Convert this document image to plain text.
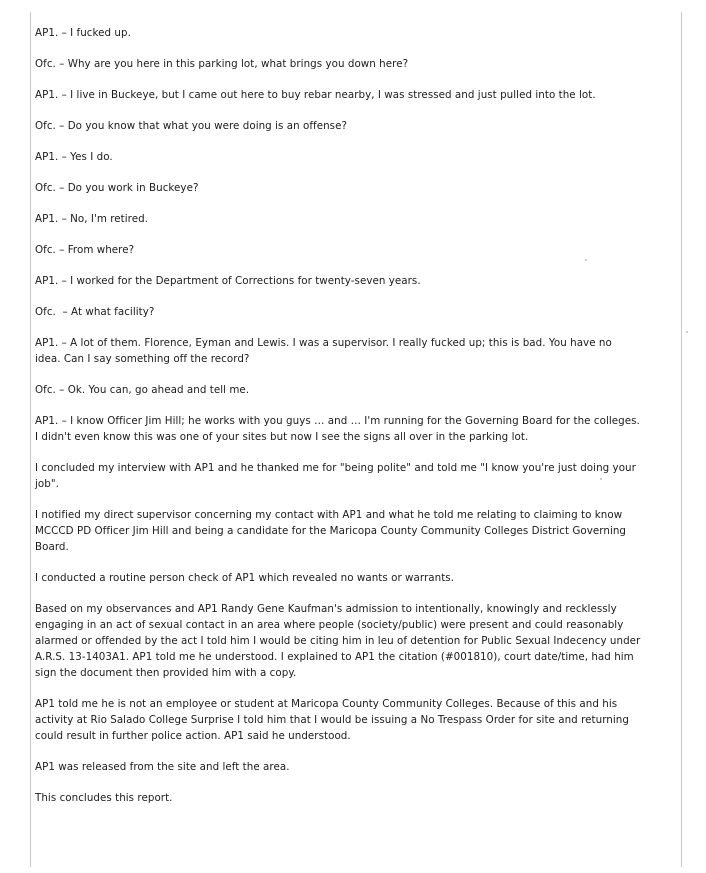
AP1. – I fucked up.

Ofc. – Why are you here in this parking lot, what brings you down here?

AP1. – I live in Buckeye, but I came out here to buy rebar nearby, I was stressed and just pulled into the lot.

Ofc. – Do you know that what you were doing is an offense?

AP1. – Yes I do.

Ofc. – Do you work in Buckeye?

AP1. – No, I'm retired.

Ofc. – From where?

AP1. – I worked for the Department of Corrections for twenty-seven years.

Ofc.  – At what facility?

AP1. – A lot of them. Florence, Eyman and Lewis. I was a supervisor. I really fucked up; this is bad. You have no
idea. Can I say something off the record?

Ofc. – Ok. You can, go ahead and tell me.

AP1. – I know Officer Jim Hill; he works with you guys … and … I'm running for the Governing Board for the colleges.
I didn't even know this was one of your sites but now I see the signs all over in the parking lot.

I concluded my interview with AP1 and he thanked me for "being polite" and told me "I know you're just doing your
job".

I notified my direct supervisor concerning my contact with AP1 and what he told me relating to claiming to know
MCCCD PD Officer Jim Hill and being a candidate for the Maricopa County Community Colleges District Governing
Board.

I conducted a routine person check of AP1 which revealed no wants or warrants.

Based on my observances and AP1 Randy Gene Kaufman's admission to intentionally, knowingly and recklessly
engaging in an act of sexual contact in an area where people (society/public) were present and could reasonably
alarmed or offended by the act I told him I would be citing him in leu of detention for Public Sexual Indecency under
A.R.S. 13-1403A1. AP1 told me he understood. I explained to AP1 the citation (#001810), court date/time, had him
sign the document then provided him with a copy.

AP1 told me he is not an employee or student at Maricopa County Community Colleges. Because of this and his
activity at Rio Salado College Surprise I told him that I would be issuing a No Trespass Order for site and returning
could result in further police action. AP1 said he understood.

AP1 was released from the site and left the area.

This concludes this report.
